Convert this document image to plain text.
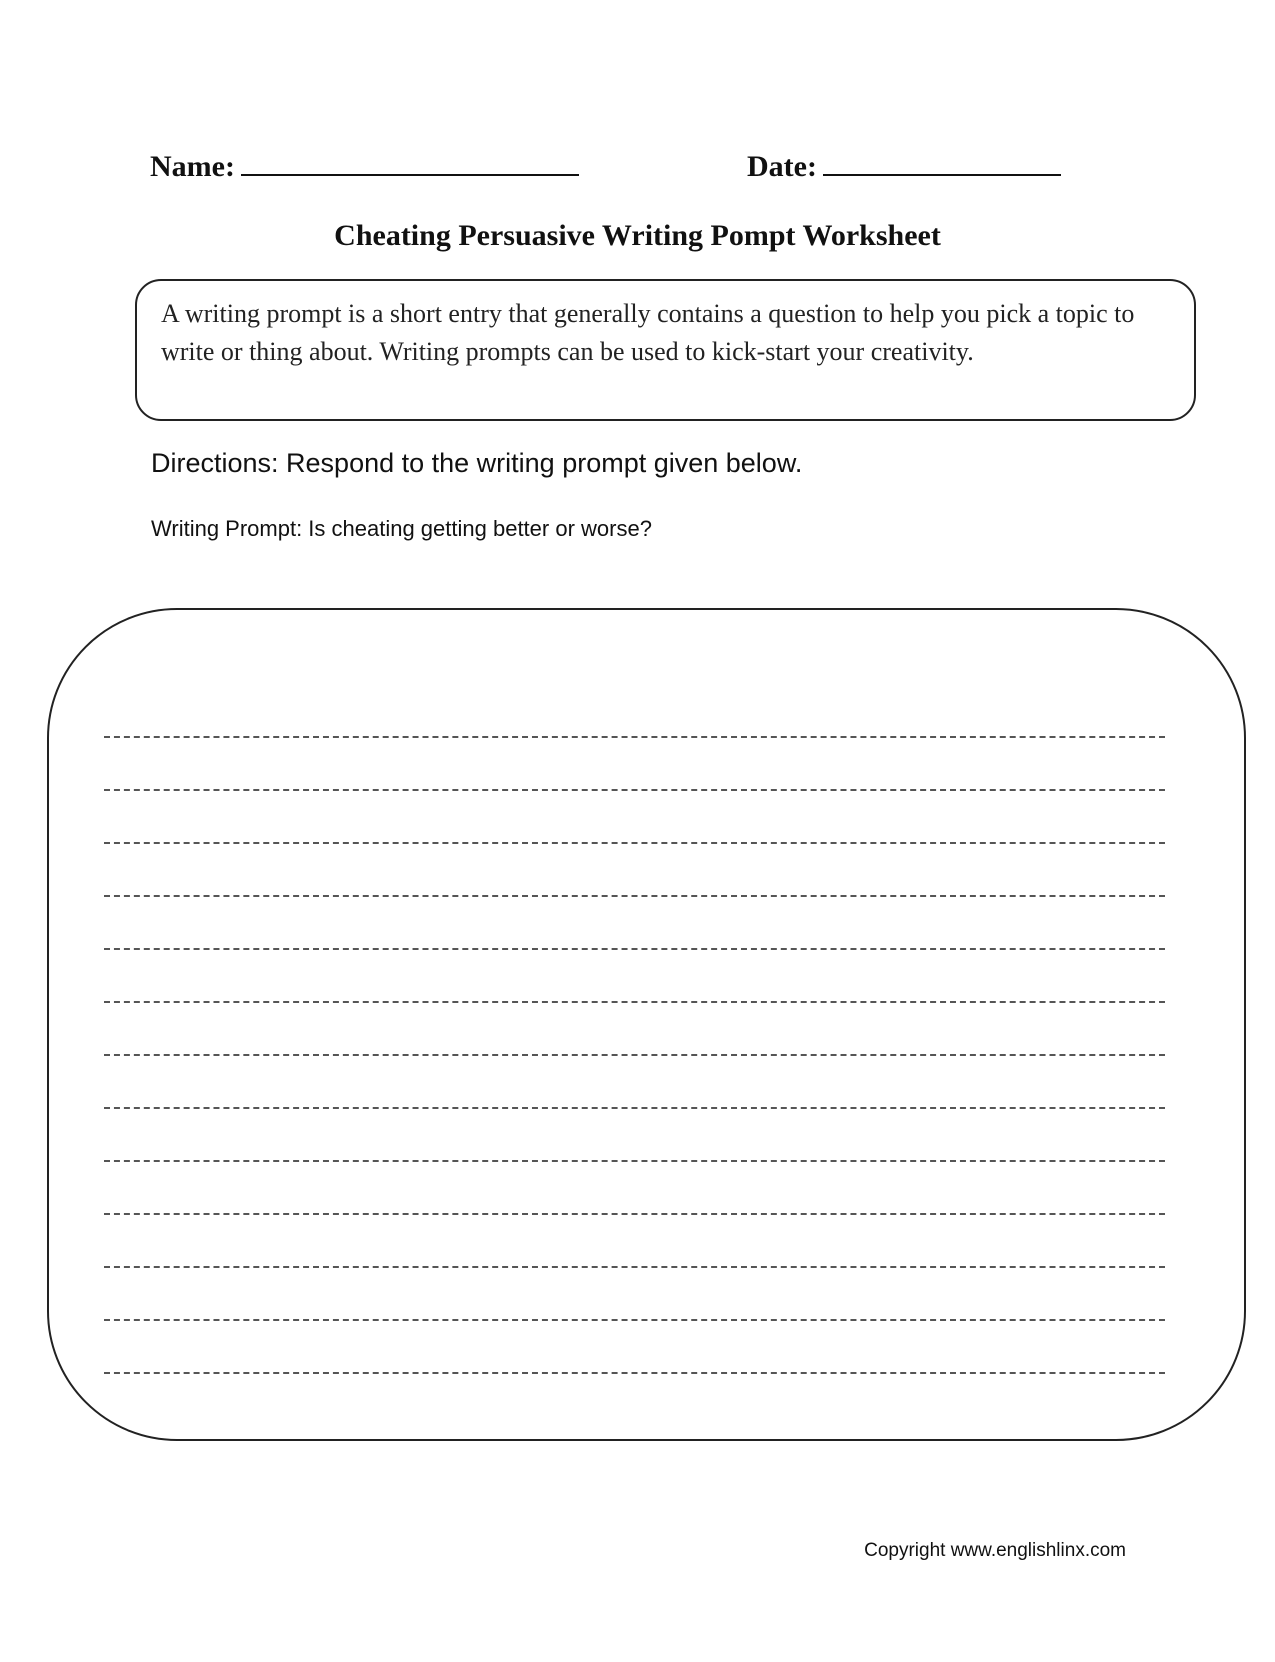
Name:	Date:
Cheating Persuasive Writing Pompt Worksheet
A writing prompt is a short entry that generally contains a question to help you pick a topic to write or thing about. Writing prompts can be used to kick-start your creativity.
Directions: Respond to the writing prompt given below.
Writing Prompt: Is cheating getting better or worse?
Copyright www.englishlinx.com
